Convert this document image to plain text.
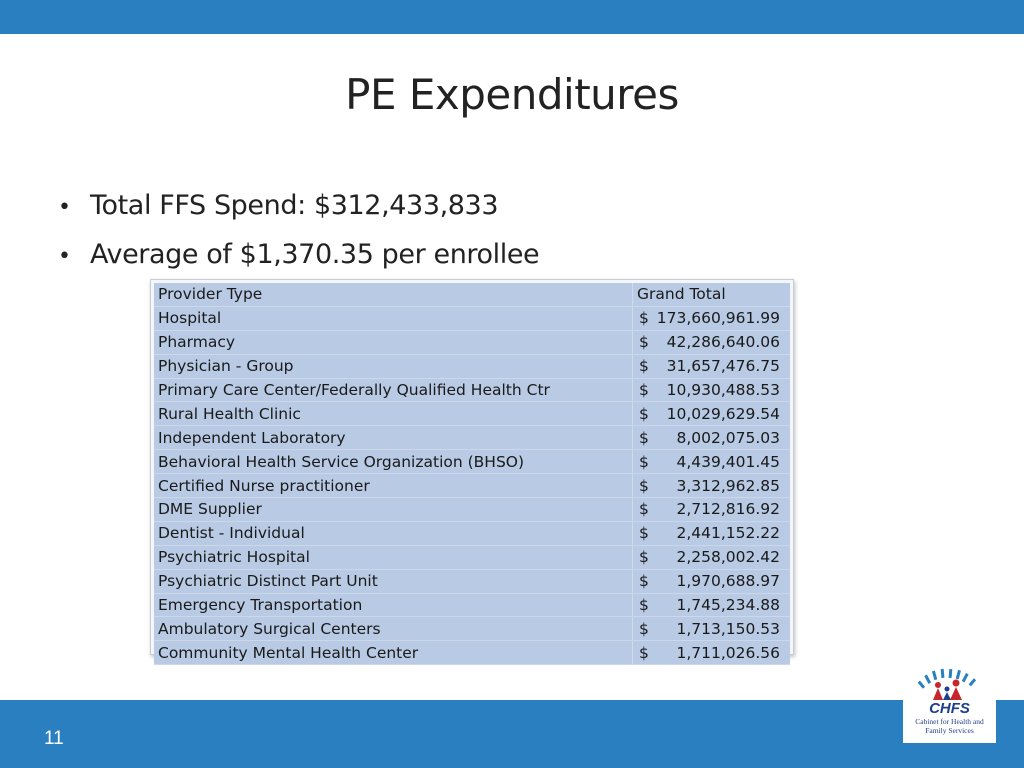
PE Expenditures
• Total FFS Spend: $312,433,833
• Average of $1,370.35 per enrollee
Provider Type	Grand Total	
Hospital	$	173,660,961.99
Pharmacy	$	42,286,640.06
Physician - Group	$	31,657,476.75
Primary Care Center/Federally Qualified Health Ctr	$	10,930,488.53
Rural Health Clinic	$	10,029,629.54
Independent Laboratory	$	8,002,075.03
Behavioral Health Service Organization (BHSO)	$	4,439,401.45
Certified Nurse practitioner	$	3,312,962.85
DME Supplier	$	2,712,816.92
Dentist - Individual	$	2,441,152.22
Psychiatric Hospital	$	2,258,002.42
Psychiatric Distinct Part Unit	$	1,970,688.97
Emergency Transportation	$	1,745,234.88
Ambulatory Surgical Centers	$	1,713,150.53
Community Mental Health Center	$	1,711,026.56
11
CHFS
Cabinet for Health and
Family Services
